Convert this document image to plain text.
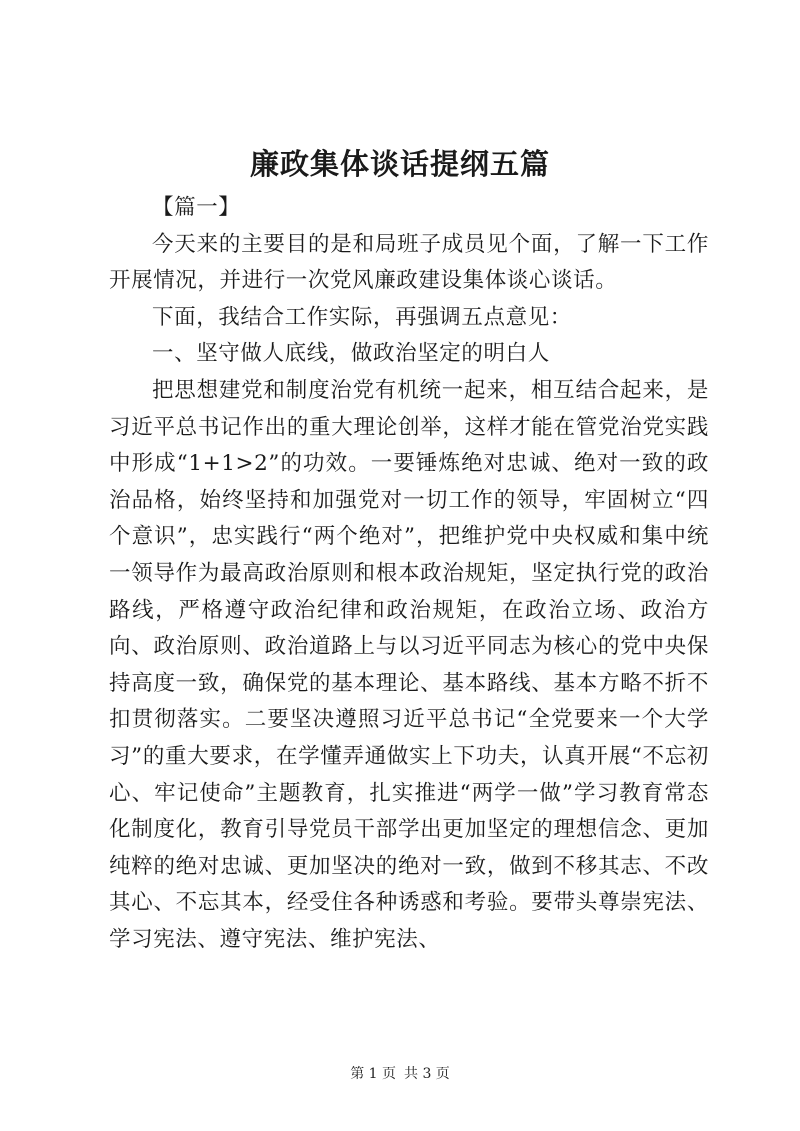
廉政集体谈话提纲五篇

【篇一】

今天来的主要目的是和局班子成员见个面，了解一下工作开展情况，并进行一次党风廉政建设集体谈心谈话。

下面，我结合工作实际，再强调五点意见：

一、坚守做人底线，做政治坚定的明白人

把思想建党和制度治党有机统一起来，相互结合起来，是习近平总书记作出的重大理论创举，这样才能在管党治党实践中形成“1+1>2”的功效。一要锤炼绝对忠诚、绝对一致的政治品格，始终坚持和加强党对一切工作的领导，牢固树立“四个意识”，忠实践行“两个绝对”，把维护党中央权威和集中统一领导作为最高政治原则和根本政治规矩，坚定执行党的政治路线，严格遵守政治纪律和政治规矩，在政治立场、政治方向、政治原则、政治道路上与以习近平同志为核心的党中央保持高度一致，确保党的基本理论、基本路线、基本方略不折不扣贯彻落实。二要坚决遵照习近平总书记“全党要来一个大学习”的重大要求，在学懂弄通做实上下功夫，认真开展“不忘初心、牢记使命”主题教育，扎实推进“两学一做”学习教育常态化制度化，教育引导党员干部学出更加坚定的理想信念、更加纯粹的绝对忠诚、更加坚决的绝对一致，做到不移其志、不改其心、不忘其本，经受住各种诱惑和考验。要带头尊崇宪法、学习宪法、遵守宪法、维护宪法、

第 1 页 共 3 页
